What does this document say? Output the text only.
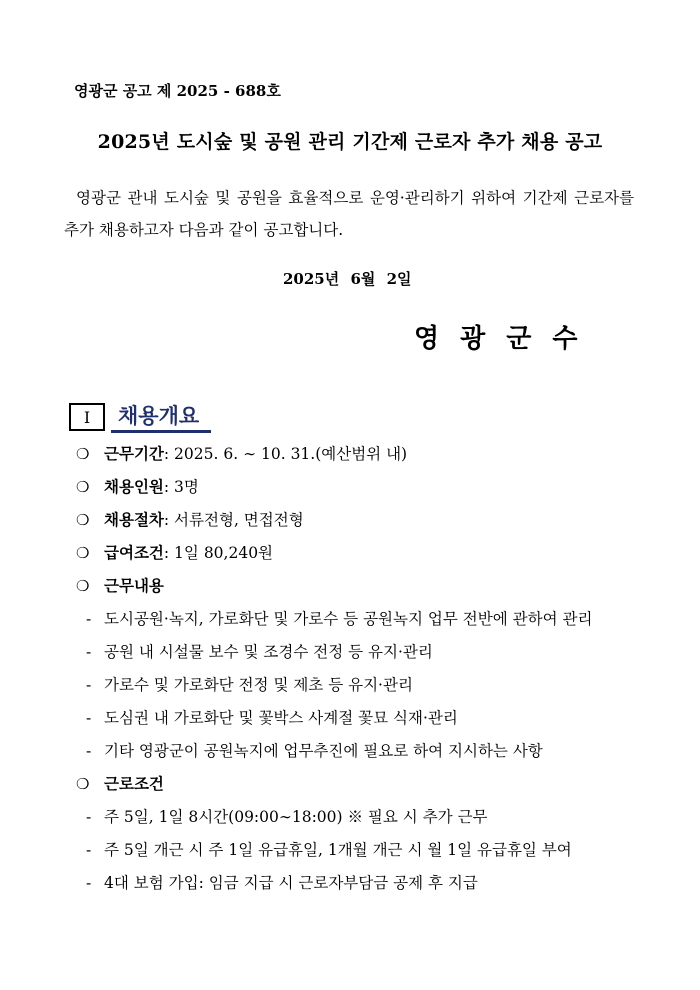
영광군 공고 제 2025 - 688호
2025년 도시숲 및 공원 관리 기간제 근로자 추가 채용 공고
영광군 관내 도시숲 및 공원을 효율적으로 운영·관리하기 위하여 기간제 근로자를 추가 채용하고자 다음과 같이 공고합니다.
2025년 6월 2일
영광군수
I	채용개요
❍ 근무기간: 2025. 6. ∼ 10. 31.(예산범위 내)
❍ 채용인원: 3명
❍ 채용절차: 서류전형, 면접전형
❍ 급여조건: 1일 80,240원
❍ 근무내용
- 도시공원·녹지, 가로화단 및 가로수 등 공원녹지 업무 전반에 관하여 관리
- 공원 내 시설물 보수 및 조경수 전정 등 유지·관리
- 가로수 및 가로화단 전정 및 제초 등 유지·관리
- 도심권 내 가로화단 및 꽃박스 사계절 꽃묘 식재·관리
- 기타 영광군이 공원녹지에 업무추진에 필요로 하여 지시하는 사항
❍ 근로조건
- 주 5일, 1일 8시간(09:00∼18:00) ※ 필요 시 추가 근무
- 주 5일 개근 시 주 1일 유급휴일, 1개월 개근 시 월 1일 유급휴일 부여
- 4대 보험 가입: 임금 지급 시 근로자부담금 공제 후 지급
